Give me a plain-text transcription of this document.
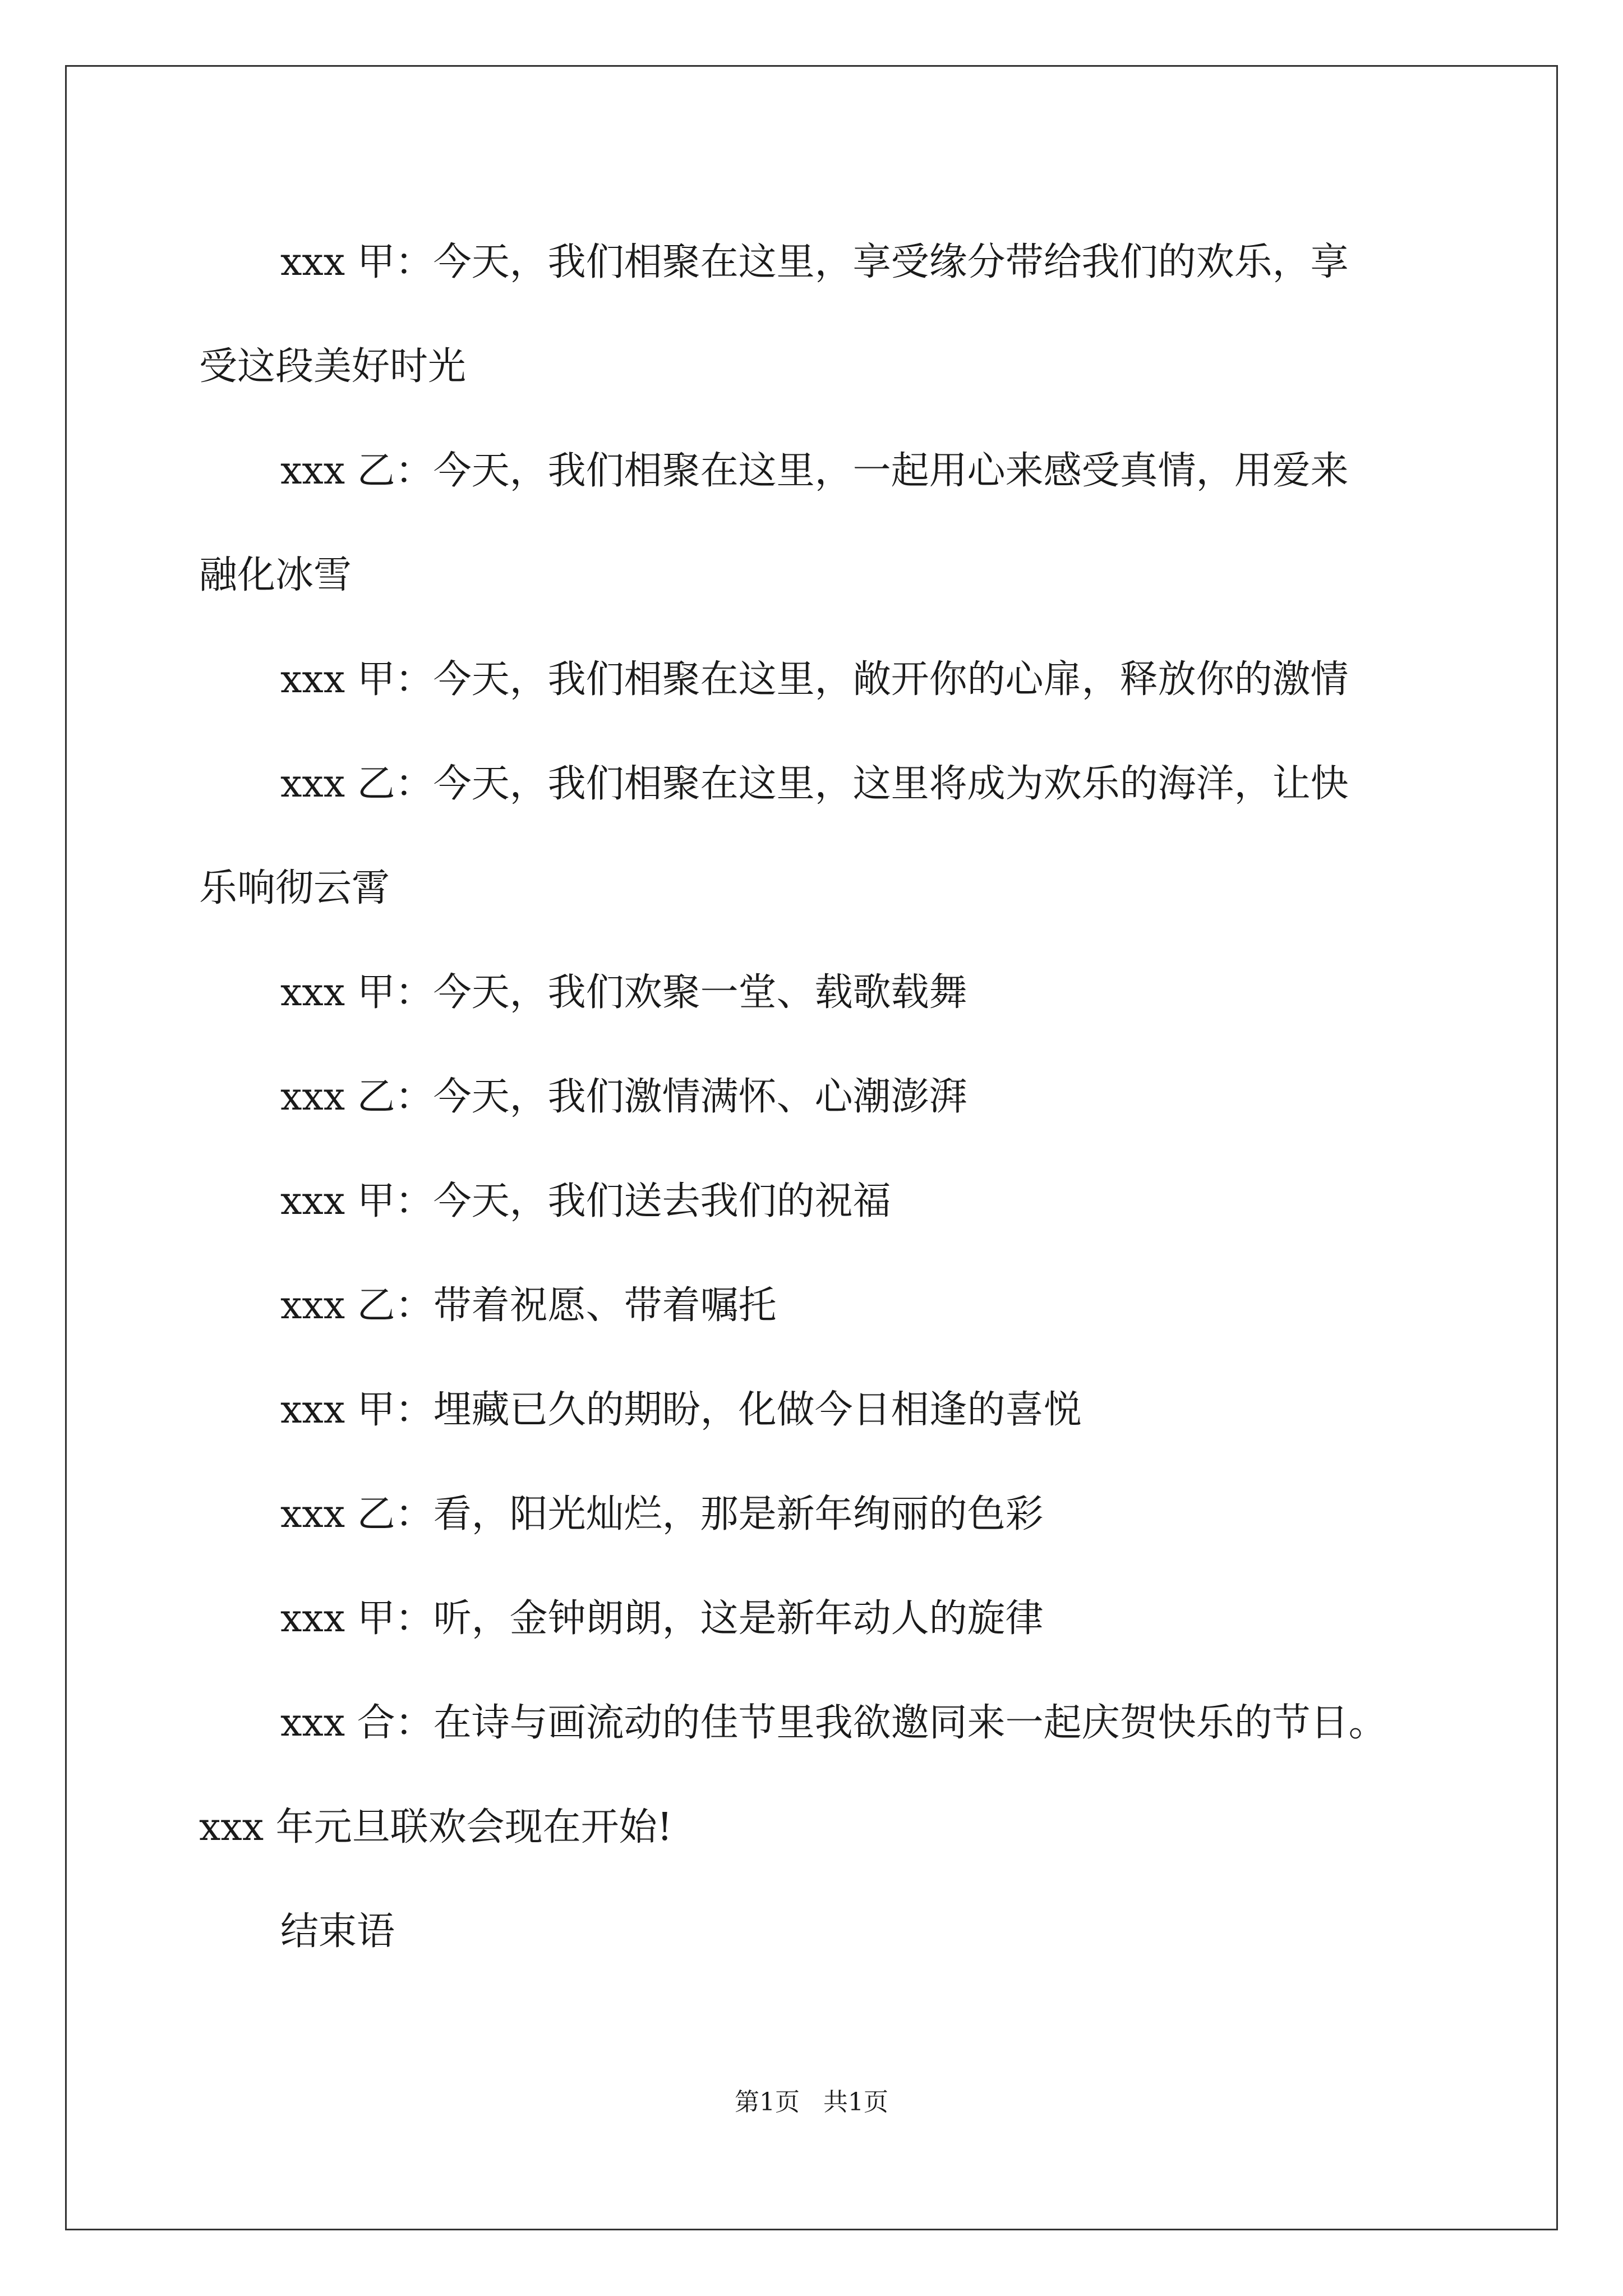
xxx 甲：今天，我们相聚在这里，享受缘分带给我们的欢乐，享

受这段美好时光

xxx 乙：今天，我们相聚在这里，一起用心来感受真情，用爱来

融化冰雪

xxx 甲：今天，我们相聚在这里，敞开你的心扉，释放你的激情

xxx 乙：今天，我们相聚在这里，这里将成为欢乐的海洋，让快

乐响彻云霄

xxx 甲：今天，我们欢聚一堂、载歌载舞

xxx 乙：今天，我们激情满怀、心潮澎湃

xxx 甲：今天，我们送去我们的祝福

xxx 乙：带着祝愿、带着嘱托

xxx 甲：埋藏已久的期盼，化做今日相逢的喜悦

xxx 乙：看，阳光灿烂，那是新年绚丽的色彩

xxx 甲：听，金钟朗朗，这是新年动人的旋律

xxx 合：在诗与画流动的佳节里我欲邀同来一起庆贺快乐的节日。

xxx 年元旦联欢会现在开始!

结束语

第1页   共1页
